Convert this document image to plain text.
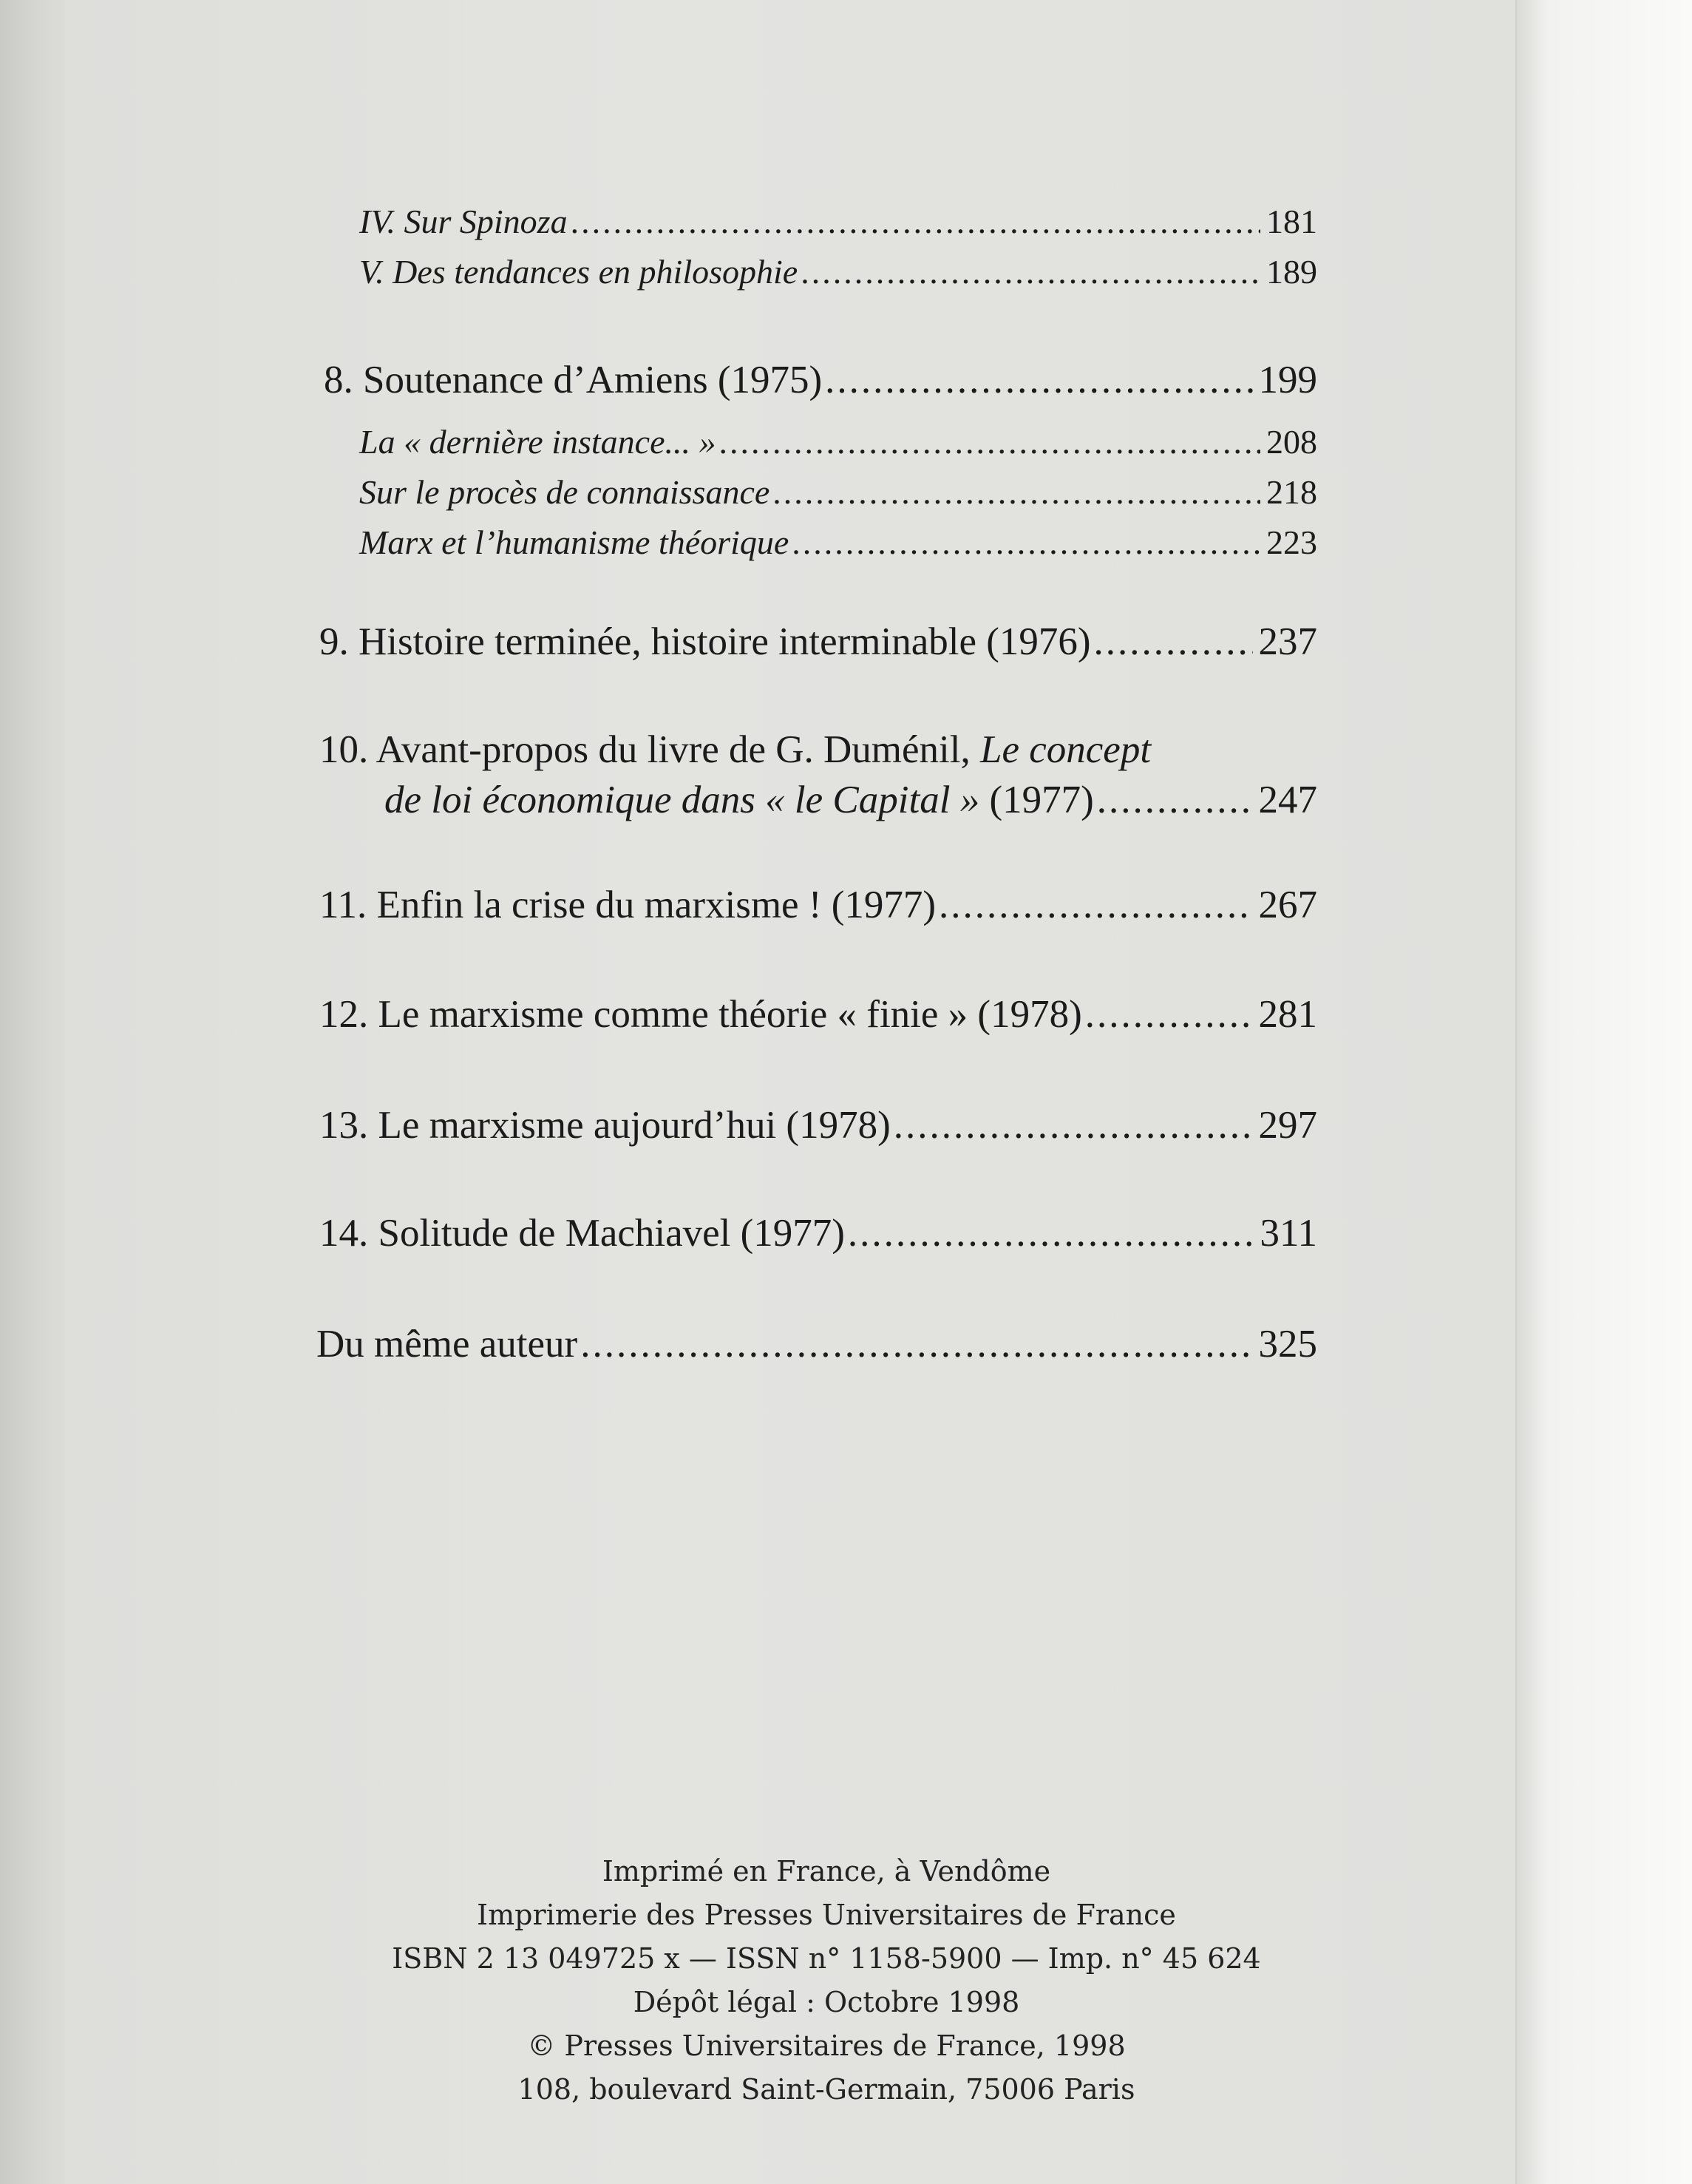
IV. Sur Spinoza .....	181
V. Des tendances en philosophie .....	189
8. Soutenance d’Amiens (1975) .....	199
La « dernière instance... » .....	208
Sur le procès de connaissance .....	218
Marx et l’humanisme théorique .....	223
9. Histoire terminée, histoire interminable (1976) .....	237
10. Avant-propos du livre de G. Duménil, Le concept
de loi économique dans « le Capital » (1977) .....	247
11. Enfin la crise du marxisme ! (1977) .....	267
12. Le marxisme comme théorie « finie » (1978) .....	281
13. Le marxisme aujourd’hui (1978) .....	297
14. Solitude de Machiavel (1977) .....	311
Du même auteur .....	325
Imprimé en France, à Vendôme
Imprimerie des Presses Universitaires de France
ISBN 2 13 049725 x — ISSN n° 1158-5900 — Imp. n° 45 624
Dépôt légal : Octobre 1998
© Presses Universitaires de France, 1998
108, boulevard Saint-Germain, 75006 Paris
